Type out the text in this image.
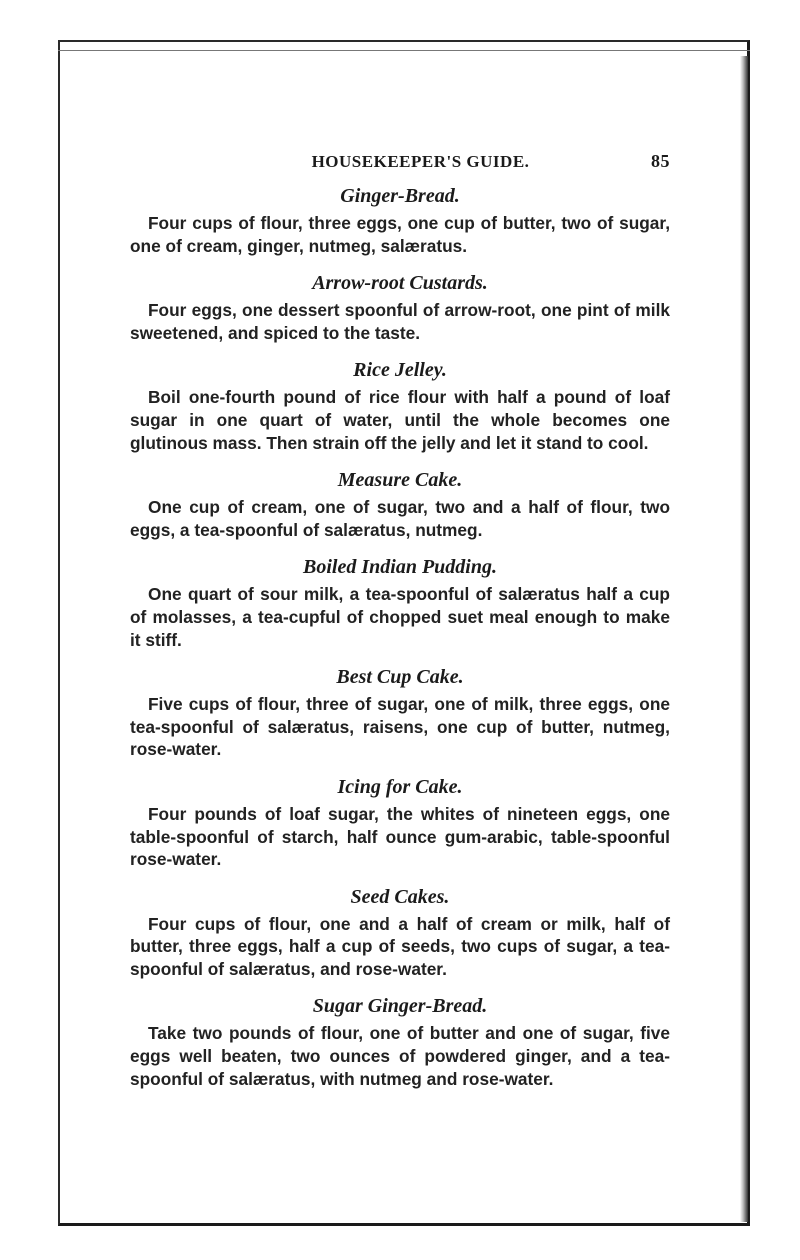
HOUSEKEEPER'S GUIDE.	85

Ginger-Bread.

Four cups of flour, three eggs, one cup of butter, two of sugar, one of cream, ginger, nutmeg, salæratus.

Arrow-root Custards.

Four eggs, one dessert spoonful of arrow-root, one pint of milk sweetened, and spiced to the taste.

Rice Jelley.

Boil one-fourth pound of rice flour with half a pound of loaf sugar in one quart of water, until the whole becomes one glutinous mass. Then strain off the jelly and let it stand to cool.

Measure Cake.

One cup of cream, one of sugar, two and a half of flour, two eggs, a tea-spoonful of salæratus, nutmeg.

Boiled Indian Pudding.

One quart of sour milk, a tea-spoonful of salæratus half a cup of molasses, a tea-cupful of chopped suet meal enough to make it stiff.

Best Cup Cake.

Five cups of flour, three of sugar, one of milk, three eggs, one tea-spoonful of salæratus, raisens, one cup of butter, nutmeg, rose-water.

Icing for Cake.

Four pounds of loaf sugar, the whites of nineteen eggs, one table-spoonful of starch, half ounce gum-arabic, table-spoonful rose-water.

Seed Cakes.

Four cups of flour, one and a half of cream or milk, half of butter, three eggs, half a cup of seeds, two cups of sugar, a tea-spoonful of salæratus, and rose-water.

Sugar Ginger-Bread.

Take two pounds of flour, one of butter and one of sugar, five eggs well beaten, two ounces of powdered ginger, and a tea-spoonful of salæratus, with nutmeg and rose-water.
